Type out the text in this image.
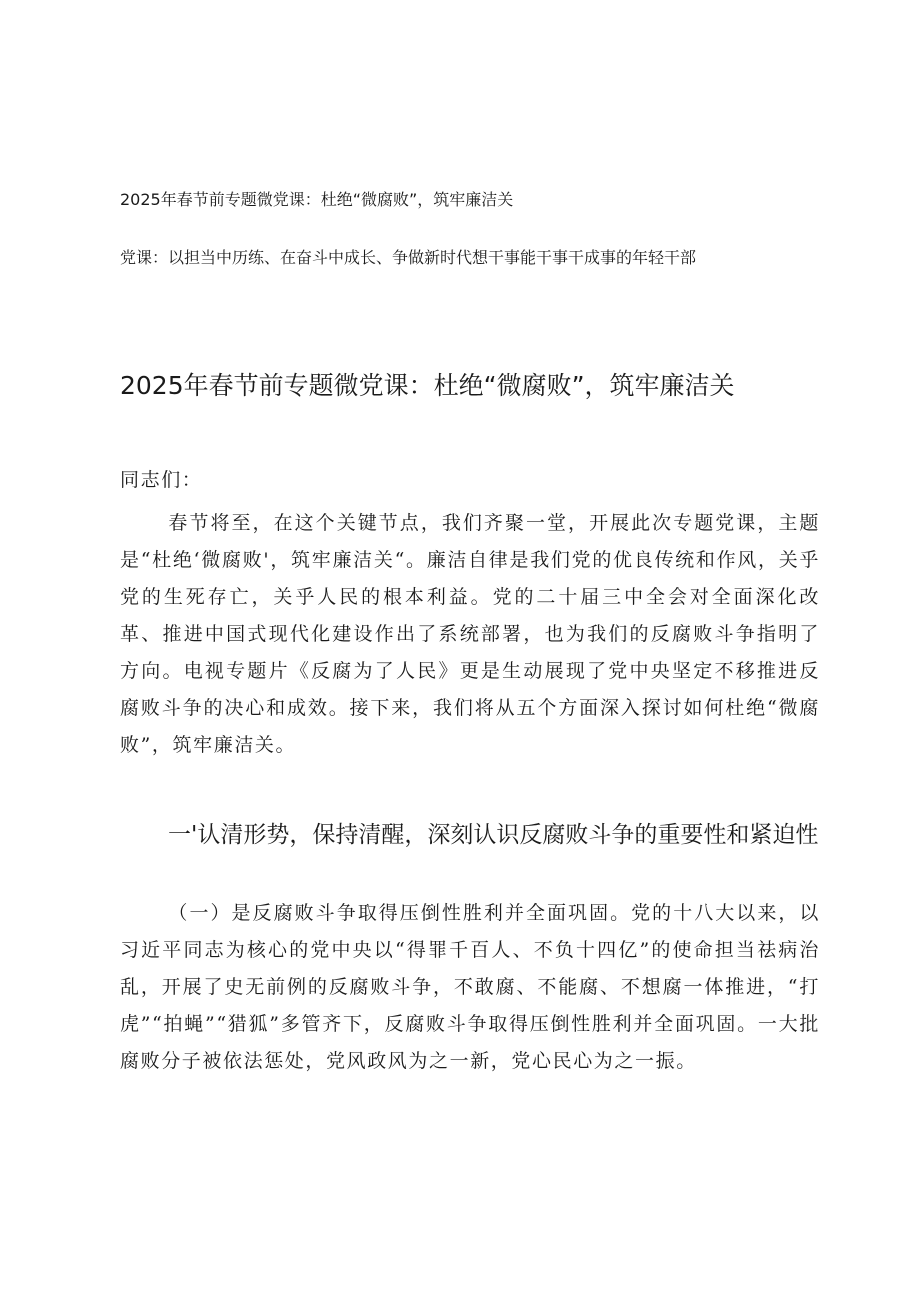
2025年春节前专题微党课：杜绝“微腐败”，筑牢廉洁关
党课：以担当中历练、在奋斗中成长、争做新时代想干事能干事干成事的年轻干部
2025年春节前专题微党课：杜绝“微腐败”，筑牢廉洁关
同志们：

春节将至，在这个关键节点，我们齐聚一堂，开展此次专题党课，主题是“杜绝‘微腐败'，筑牢廉洁关“。廉洁自律是我们党的优良传统和作风，关乎党的生死存亡，关乎人民的根本利益。党的二十届三中全会对全面深化改革、推进中国式现代化建设作出了系统部署，也为我们的反腐败斗争指明了方向。电视专题片《反腐为了人民》更是生动展现了党中央坚定不移推进反腐败斗争的决心和成效。接下来，我们将从五个方面深入探讨如何杜绝“微腐败”，筑牢廉洁关。

一'认清形势，保持清醒，深刻认识反腐败斗争的重要性和紧迫性

（一）是反腐败斗争取得压倒性胜利并全面巩固。党的十八大以来，以习近平同志为核心的党中央以“得罪千百人、不负十四亿”的使命担当祛病治乱，开展了史无前例的反腐败斗争，不敢腐、不能腐、不想腐一体推进，“打虎”“拍蝇”“猎狐”多管齐下，反腐败斗争取得压倒性胜利并全面巩固。一大批腐败分子被依法惩处，党风政风为之一新，党心民心为之一振。
